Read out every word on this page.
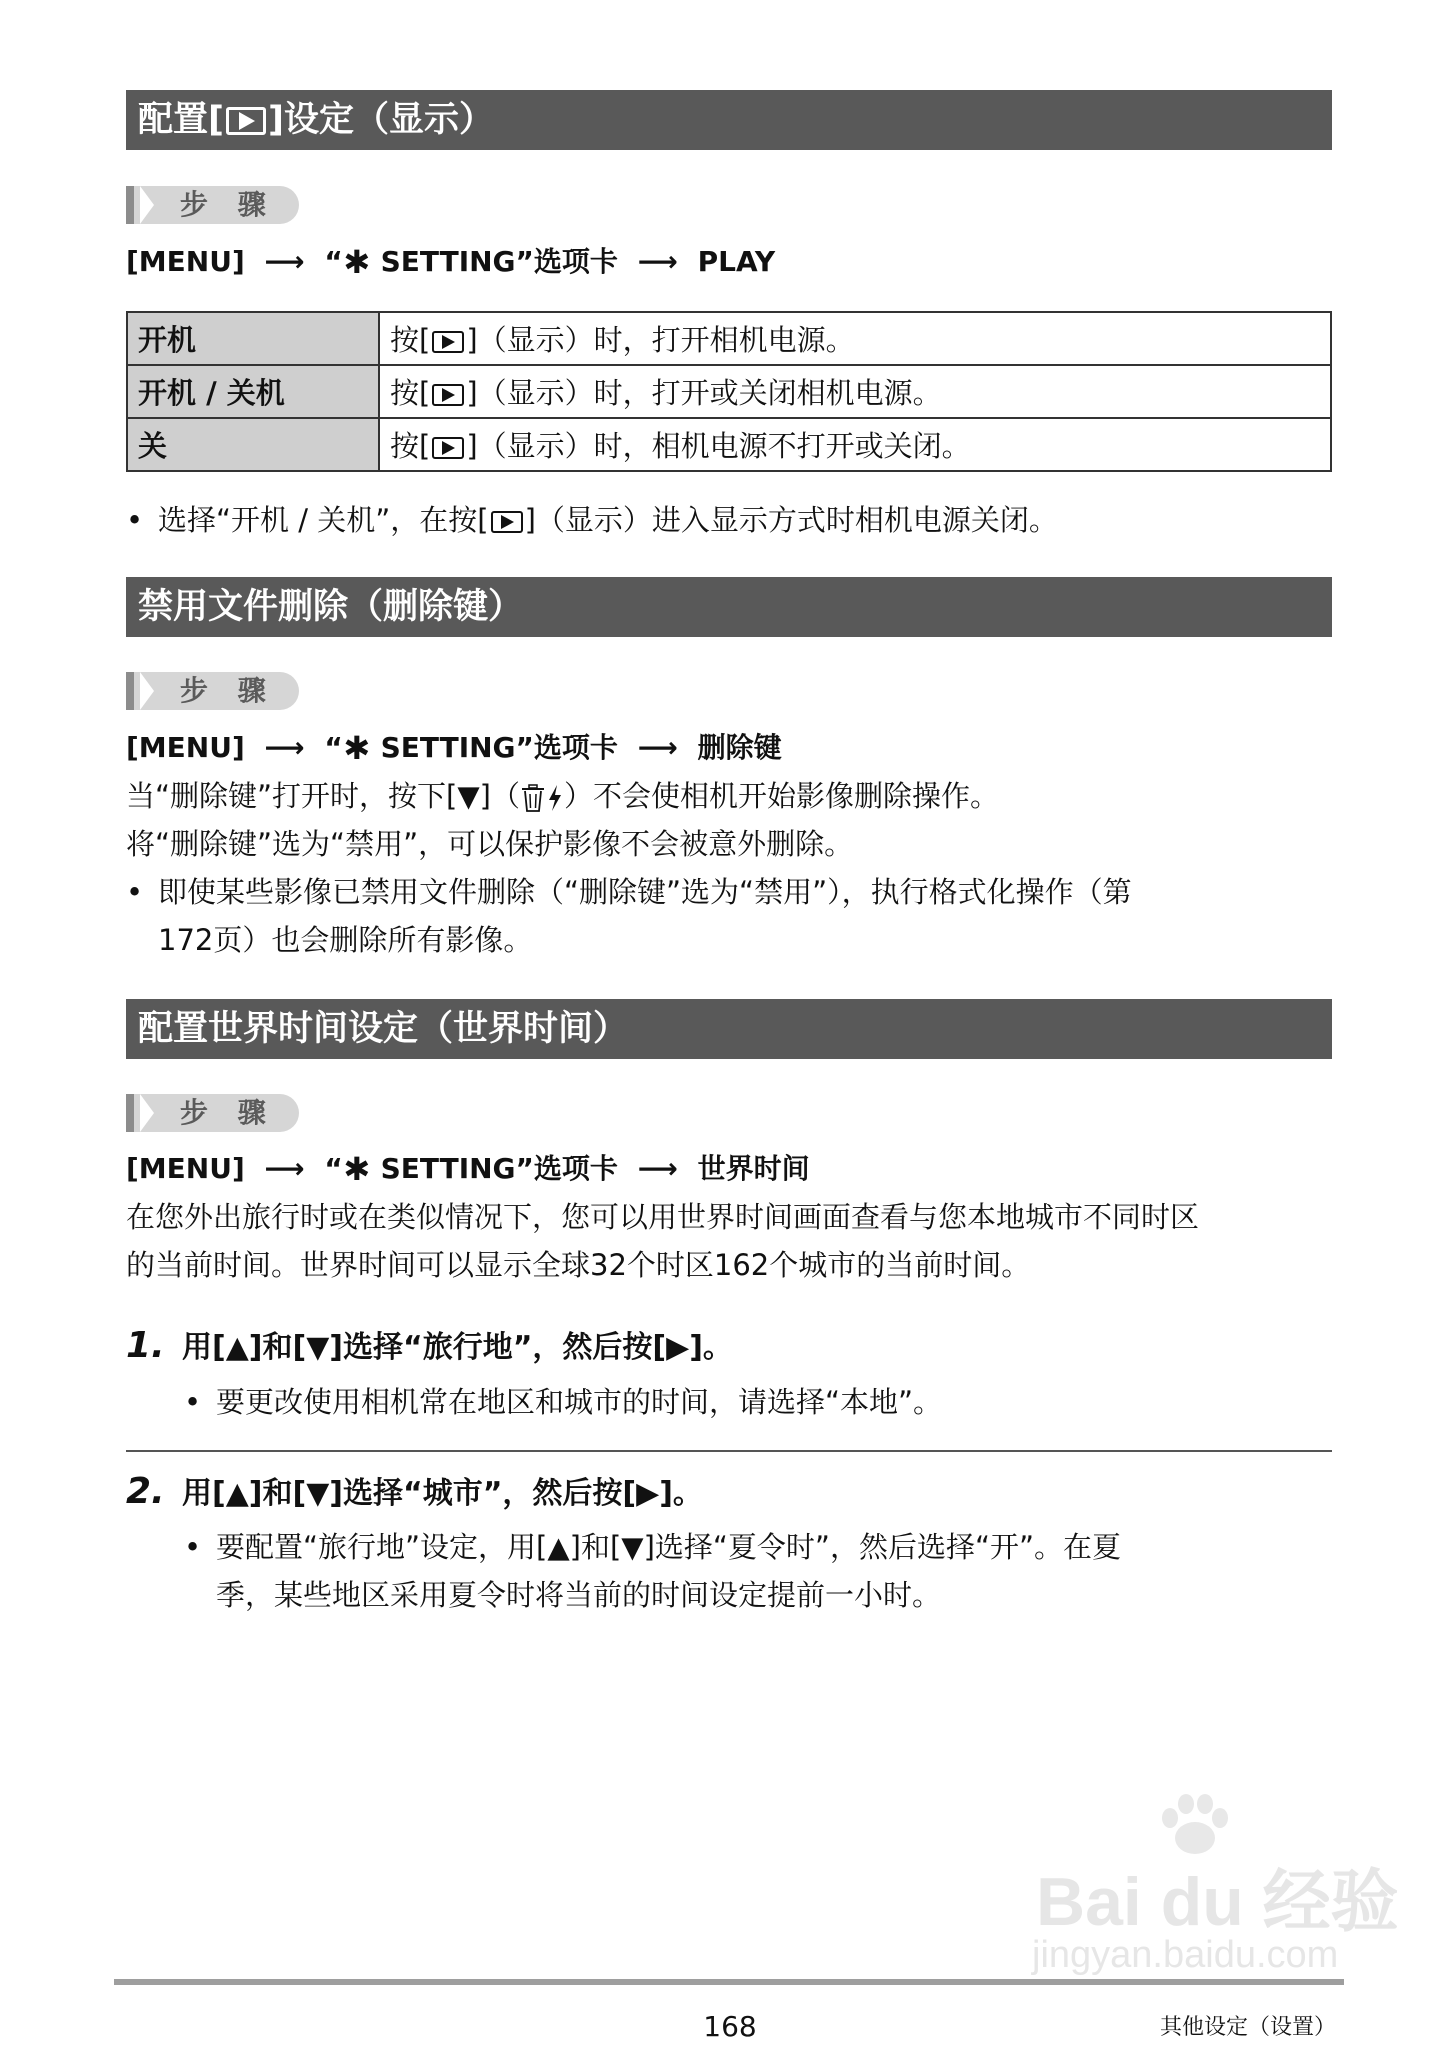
配置[ ]设定（显示）
步 骤
[MENU] ⟶ “✱ SETTING”选项卡 ⟶ PLAY
开机	按[ ]（显示）时，打开相机电源。
开机 / 关机	按[ ]（显示）时，打开或关闭相机电源。
关	按[ ]（显示）时，相机电源不打开或关闭。
• 选择“开机 / 关机”，在按[ ]（显示）进入显示方式时相机电源关闭。
禁用文件删除（删除键）
步 骤
[MENU] ⟶ “✱ SETTING”选项卡 ⟶ 删除键
当“删除键”打开时，按下[▼]（ ）不会使相机开始影像删除操作。
将“删除键”选为“禁用”，可以保护影像不会被意外删除。
• 即使某些影像已禁用文件删除（“删除键”选为“禁用”），执行格式化操作（第
172页）也会删除所有影像。
配置世界时间设定（世界时间）
步 骤
[MENU] ⟶ “✱ SETTING”选项卡 ⟶ 世界时间
在您外出旅行时或在类似情况下，您可以用世界时间画面查看与您本地城市不同时区
的当前时间。世界时间可以显示全球32个时区162个城市的当前时间。
1. 用[▲]和[▼]选择“旅行地”，然后按[▶]。
• 要更改使用相机常在地区和城市的时间，请选择“本地”。
2. 用[▲]和[▼]选择“城市”，然后按[▶]。
• 要配置“旅行地”设定，用[▲]和[▼]选择“夏令时”，然后选择“开”。在夏
季，某些地区采用夏令时将当前的时间设定提前一小时。
Bai du 经验
jingyan.baidu.com
168	其他设定（设置）
